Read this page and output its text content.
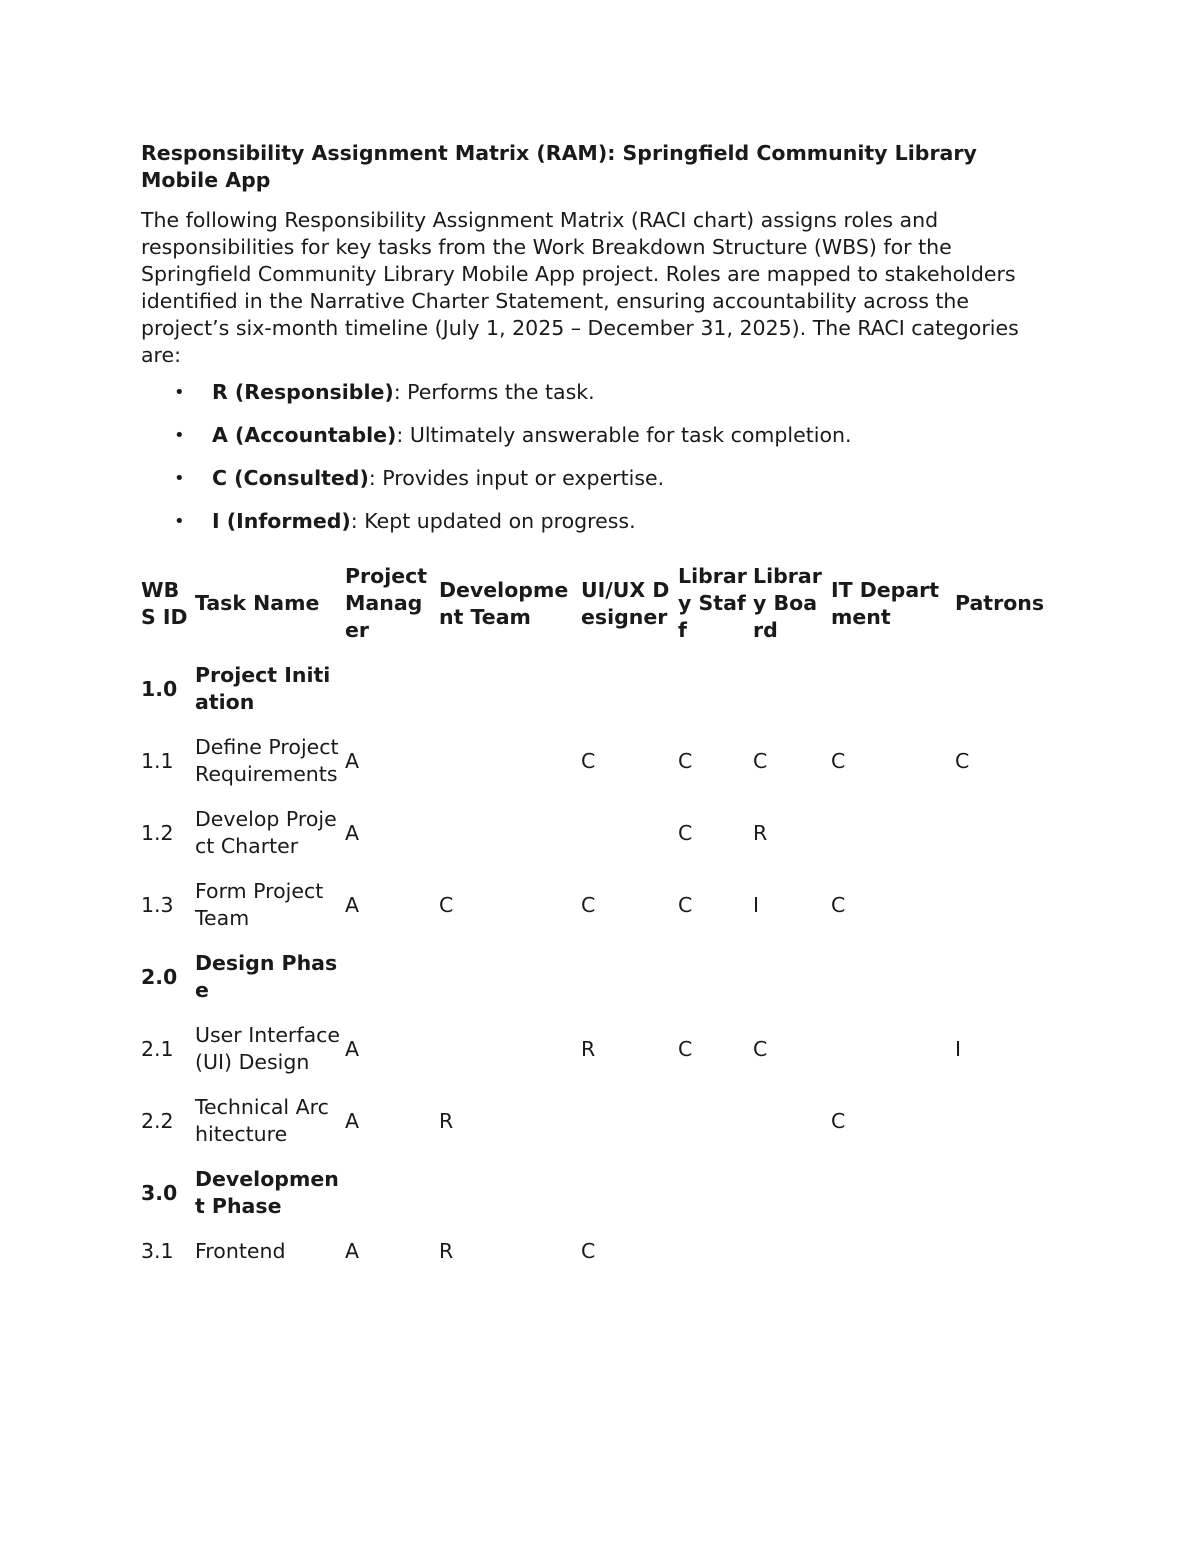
Responsibility Assignment Matrix (RAM): Springfield Community Library Mobile App

The following Responsibility Assignment Matrix (RACI chart) assigns roles and responsibilities for key tasks from the Work Breakdown Structure (WBS) for the Springfield Community Library Mobile App project. Roles are mapped to stakeholders identified in the Narrative Charter Statement, ensuring accountability across the project’s six-month timeline (July 1, 2025 – December 31, 2025). The RACI categories are:

• R (Responsible): Performs the task.
• A (Accountable): Ultimately answerable for task completion.
• C (Consulted): Provides input or expertise.
• I (Informed): Kept updated on progress.
WBS ID	Task Name	Project Manager	Development Team	UI/UX Designer	Library Staff	Library Board	IT Department	Patrons
1.0	Project Initiation							
1.1	Define Project Requirements	A		C	C	C	C	C
1.2	Develop Project Charter	A			C	R		
1.3	Form Project Team	A	C	C	C	I	C	
2.0	Design Phase							
2.1	User Interface (UI) Design	A		R	C	C		I
2.2	Technical Architecture	A	R				C	
3.0	Development Phase							
3.1	Frontend	A	R	C				
